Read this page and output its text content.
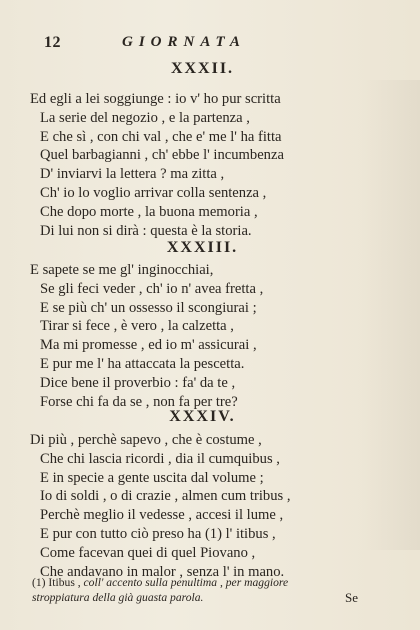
12	GIORNATA
XXXII.
Ed egli a lei soggiunge : io v' ho pur scritta
La serie del negozio , e la partenza ,
E che sì , con chi val , che e' me l' ha fitta
Quel barbagianni , ch' ebbe l' incumbenza
D' inviarvi la lettera ? ma zitta ,
Ch' io lo voglio arrivar colla sentenza ,
Che dopo morte , la buona memoria ,
Di lui non si dirà : questa è la storia.
XXXIII.
E sapete se me gl' inginocchiai,
Se gli feci veder , ch' io n' avea fretta ,
E se più ch' un ossesso il scongiurai ;
Tirar si fece , è vero , la calzetta ,
Ma mi promesse , ed io m' assicurai ,
E pur me l' ha attaccata la pescetta.
Dice bene il proverbio : fa' da te ,
Forse chi fa da se , non fa per tre?
XXXIV.
Di più , perchè sapevo , che è costume ,
Che chi lascia ricordi , dia il cumquibus ,
E in specie a gente uscita dal volume ;
Io di soldi , o di crazie , almen cum tribus ,
Perchè meglio il vedesse , accesi il lume ,
E pur con tutto ciò preso ha (1) l' itibus ,
Come facevan quei di quel Piovano ,
Che andavano in malor , senza l' in mano.
(1) Itibus , coll' accento sulla penultima , per maggiore
stroppiatura della già guasta parola.	Se
